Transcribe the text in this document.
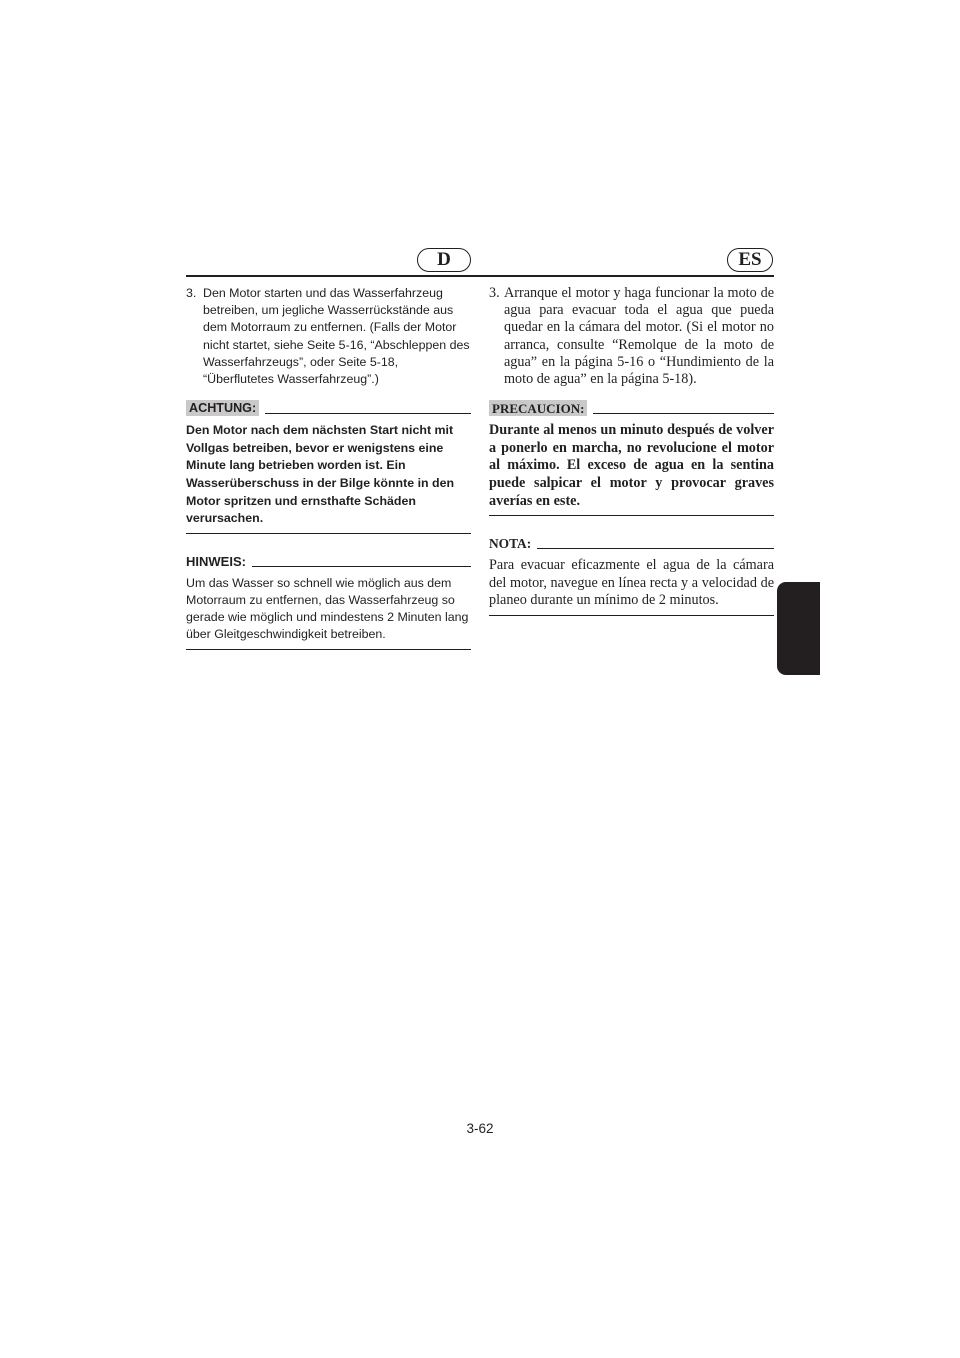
D	ES

3. Den Motor starten und das Wasserfahrzeug betreiben, um jegliche Wasserrückstände aus dem Motorraum zu entfernen. (Falls der Motor nicht startet, siehe Seite 5-16, “Abschleppen des Wasserfahrzeugs”, oder Seite 5-18, “Überflutetes Wasserfahrzeug”.)

ACHTUNG:
Den Motor nach dem nächsten Start nicht mit Vollgas betreiben, bevor er wenigstens eine Minute lang betrieben worden ist. Ein Wasserüberschuss in der Bilge könnte in den Motor spritzen und ernsthafte Schäden verursachen.
HINWEIS:
Um das Wasser so schnell wie möglich aus dem Motorraum zu entfernen, das Wasserfahrzeug so gerade wie möglich und mindestens 2 Minuten lang über Gleitgeschwindigkeit betreiben.

3. Arranque el motor y haga funcionar la moto de agua para evacuar toda el agua que pueda quedar en la cámara del motor. (Si el motor no arranca, consulte “Remolque de la moto de agua” en la página 5-16 o “Hundimiento de la moto de agua” en la página 5-18).

PRECAUCION:
Durante al menos un minuto después de volver a ponerlo en marcha, no revolucione el motor al máximo. El exceso de agua en la sentina puede salpicar el motor y provocar graves averías en este.
NOTA:
Para evacuar eficazmente el agua de la cámara del motor, navegue en línea recta y a velocidad de planeo durante un mínimo de 2 minutos.
3-62
